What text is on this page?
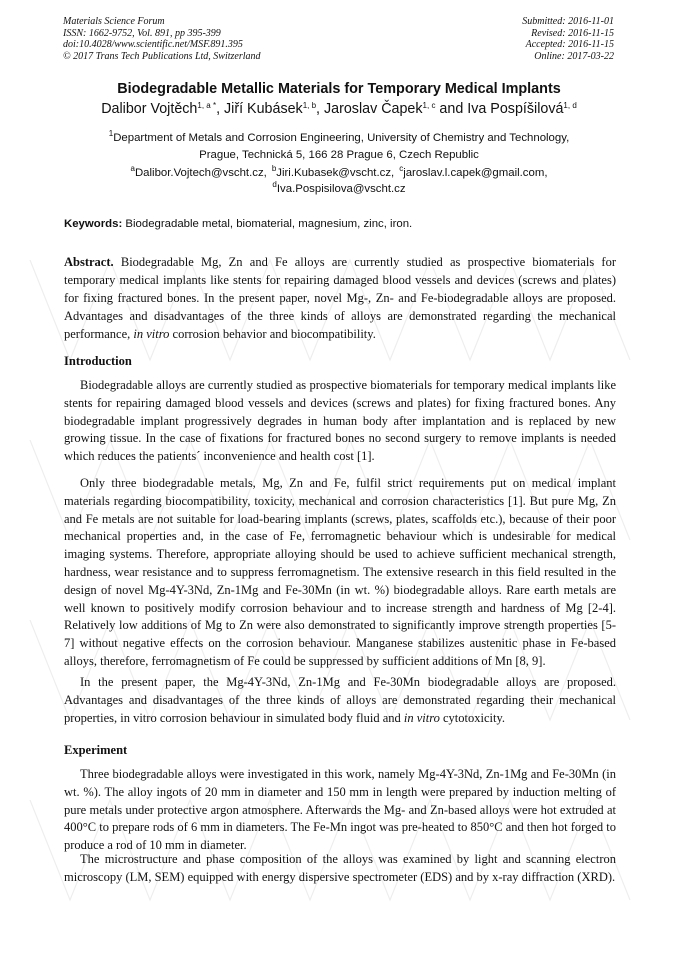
Materials Science Forum
ISSN: 1662-9752, Vol. 891, pp 395-399
doi:10.4028/www.scientific.net/MSF.891.395
© 2017 Trans Tech Publications Ltd, Switzerland
Submitted: 2016-11-01
Revised: 2016-11-15
Accepted: 2016-11-15
Online: 2017-03-22
Biodegradable Metallic Materials for Temporary Medical Implants
Dalibor Vojtěch$^{1, a *}$, Jiří Kubásek$^{1, b}$, Jaroslav Čapek$^{1, c}$ and Iva Pospíšilová$^{1, d}$
$^1$Department of Metals and Corrosion Engineering, University of Chemistry and Technology,
Prague, Technická 5, 166 28 Prague 6, Czech Republic
$^a$Dalibor.Vojtech@vscht.cz, $^b$Jiri.Kubasek@vscht.cz, $^c$jaroslav.l.capek@gmail.com,
$^d$Iva.Pospisilova@vscht.cz
Keywords: Biodegradable metal, biomaterial, magnesium, zinc, iron.
Abstract. Biodegradable Mg, Zn and Fe alloys are currently studied as prospective biomaterials for temporary medical implants like stents for repairing damaged blood vessels and devices (screws and plates) for fixing fractured bones. In the present paper, novel Mg-, Zn- and Fe-biodegradable alloys are proposed. Advantages and disadvantages of the three kinds of alloys are demonstrated regarding the mechanical performance, in vitro corrosion behavior and biocompatibility.
Introduction

Biodegradable alloys are currently studied as prospective biomaterials for temporary medical implants like stents for repairing damaged blood vessels and devices (screws and plates) for fixing fractured bones. Any biodegradable implant progressively degrades in human body after implantation and is replaced by new growing tissue. In the case of fixations for fractured bones no second surgery to remove implants is needed which reduces the patients´ inconvenience and health cost [1].

Only three biodegradable metals, Mg, Zn and Fe, fulfil strict requirements put on medical implant materials regarding biocompatibility, toxicity, mechanical and corrosion characteristics [1]. But pure Mg, Zn and Fe metals are not suitable for load-bearing implants (screws, plates, scaffolds etc.), because of their poor mechanical properties and, in the case of Fe, ferromagnetic behaviour which is undesirable for medical imaging systems. Therefore, appropriate alloying should be used to achieve sufficient mechanical strength, hardness, wear resistance and to suppress ferromagnetism. The extensive research in this field resulted in the design of novel Mg-4Y-3Nd, Zn-1Mg and Fe-30Mn (in wt. %) biodegradable alloys. Rare earth metals are well known to positively modify corrosion behaviour and to increase strength and hardness of Mg [2-4]. Relatively low additions of Mg to Zn were also demonstrated to significantly improve strength properties [5-7] without negative effects on the corrosion behaviour. Manganese stabilizes austenitic phase in Fe-based alloys, therefore, ferromagnetism of Fe could be suppressed by sufficient additions of Mn [8, 9].

In the present paper, the Mg-4Y-3Nd, Zn-1Mg and Fe-30Mn biodegradable alloys are proposed. Advantages and disadvantages of the three kinds of alloys are demonstrated regarding their mechanical properties, in vitro corrosion behaviour in simulated body fluid and in vitro cytotoxicity.

Experiment

Three biodegradable alloys were investigated in this work, namely Mg-4Y-3Nd, Zn-1Mg and Fe-30Mn (in wt. %). The alloy ingots of 20 mm in diameter and 150 mm in length were prepared by induction melting of pure metals under protective argon atmosphere. Afterwards the Mg- and Zn-based alloys were hot extruded at 400°C to prepare rods of 6 mm in diameters. The Fe-Mn ingot was pre-heated to 850°C and then hot forged to produce a rod of 10 mm in diameter.

The microstructure and phase composition of the alloys was examined by light and scanning electron microscopy (LM, SEM) equipped with energy dispersive spectrometer (EDS) and by x-ray diffraction (XRD).
